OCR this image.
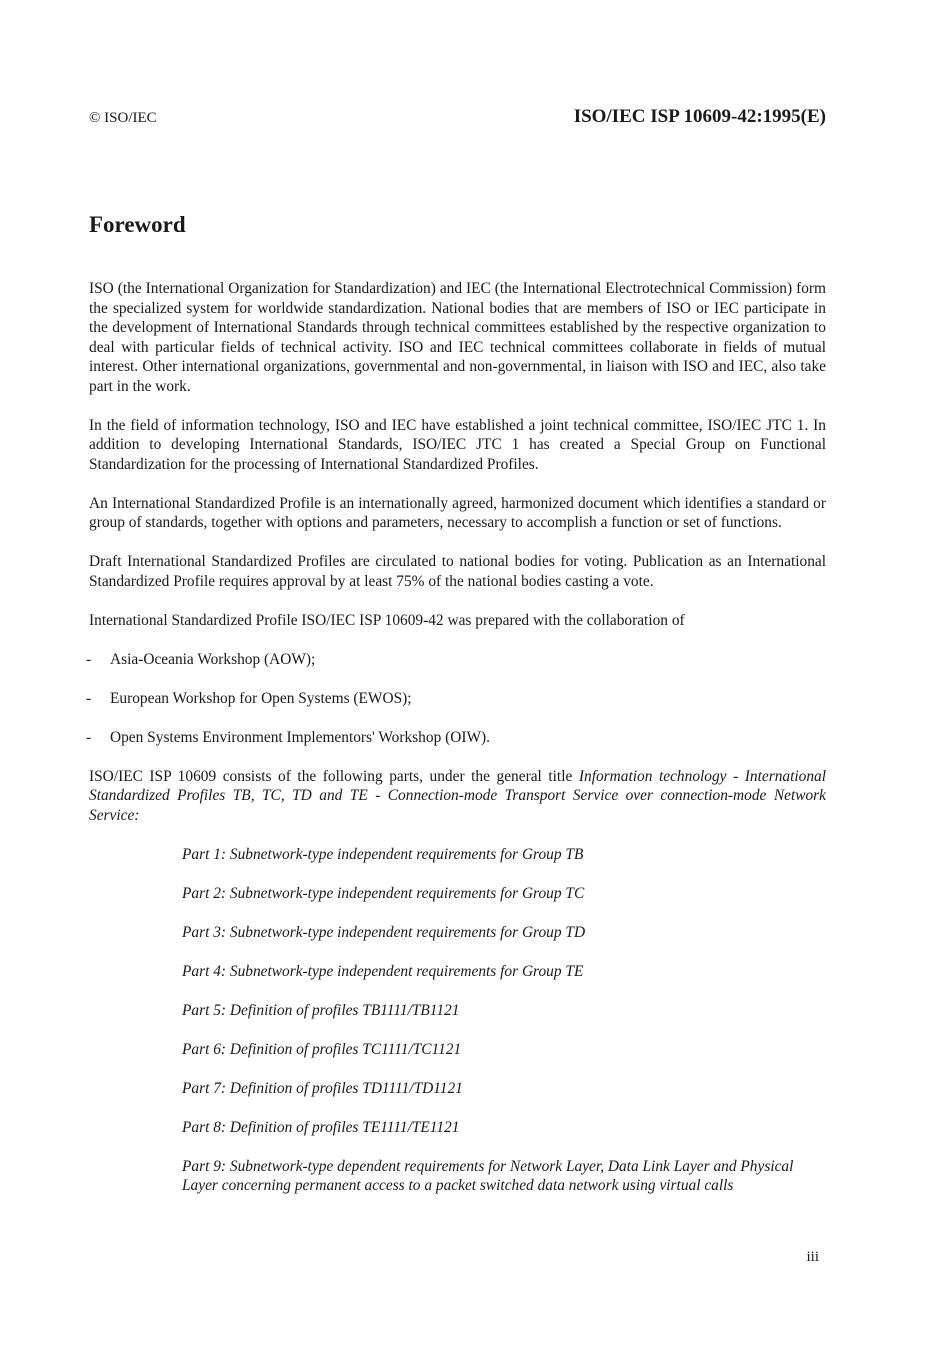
© ISO/IEC	ISO/IEC ISP 10609-42:1995(E)
Foreword

ISO (the International Organization for Standardization) and IEC (the International Electrotechnical Commission) form the specialized system for worldwide standardization. National bodies that are members of ISO or IEC participate in the development of International Standards through technical committees established by the respective organization to deal with particular fields of technical activity. ISO and IEC technical committees collaborate in fields of mutual interest. Other international organizations, governmental and non-governmental, in liaison with ISO and IEC, also take part in the work.

In the field of information technology, ISO and IEC have established a joint technical committee, ISO/IEC JTC 1. In addition to developing International Standards, ISO/IEC JTC 1 has created a Special Group on Functional Standardization for the processing of International Standardized Profiles.

An International Standardized Profile is an internationally agreed, harmonized document which identifies a standard or group of standards, together with options and parameters, necessary to accomplish a function or set of functions.

Draft International Standardized Profiles are circulated to national bodies for voting. Publication as an International Standardized Profile requires approval by at least 75% of the national bodies casting a vote.

International Standardized Profile ISO/IEC ISP 10609-42 was prepared with the collaboration of

- Asia-Oceania Workshop (AOW);
- European Workshop for Open Systems (EWOS);
- Open Systems Environment Implementors' Workshop (OIW).

ISO/IEC ISP 10609 consists of the following parts, under the general title Information technology - International Standardized Profiles TB, TC, TD and TE - Connection-mode Transport Service over connection-mode Network Service:

Part 1: Subnetwork-type independent requirements for Group TB
Part 2: Subnetwork-type independent requirements for Group TC
Part 3: Subnetwork-type independent requirements for Group TD
Part 4: Subnetwork-type independent requirements for Group TE
Part 5: Definition of profiles TB1111/TB1121
Part 6: Definition of profiles TC1111/TC1121
Part 7: Definition of profiles TD1111/TD1121
Part 8: Definition of profiles TE1111/TE1121
Part 9: Subnetwork-type dependent requirements for Network Layer, Data Link Layer and Physical Layer concerning permanent access to a packet switched data network using virtual calls
iii
